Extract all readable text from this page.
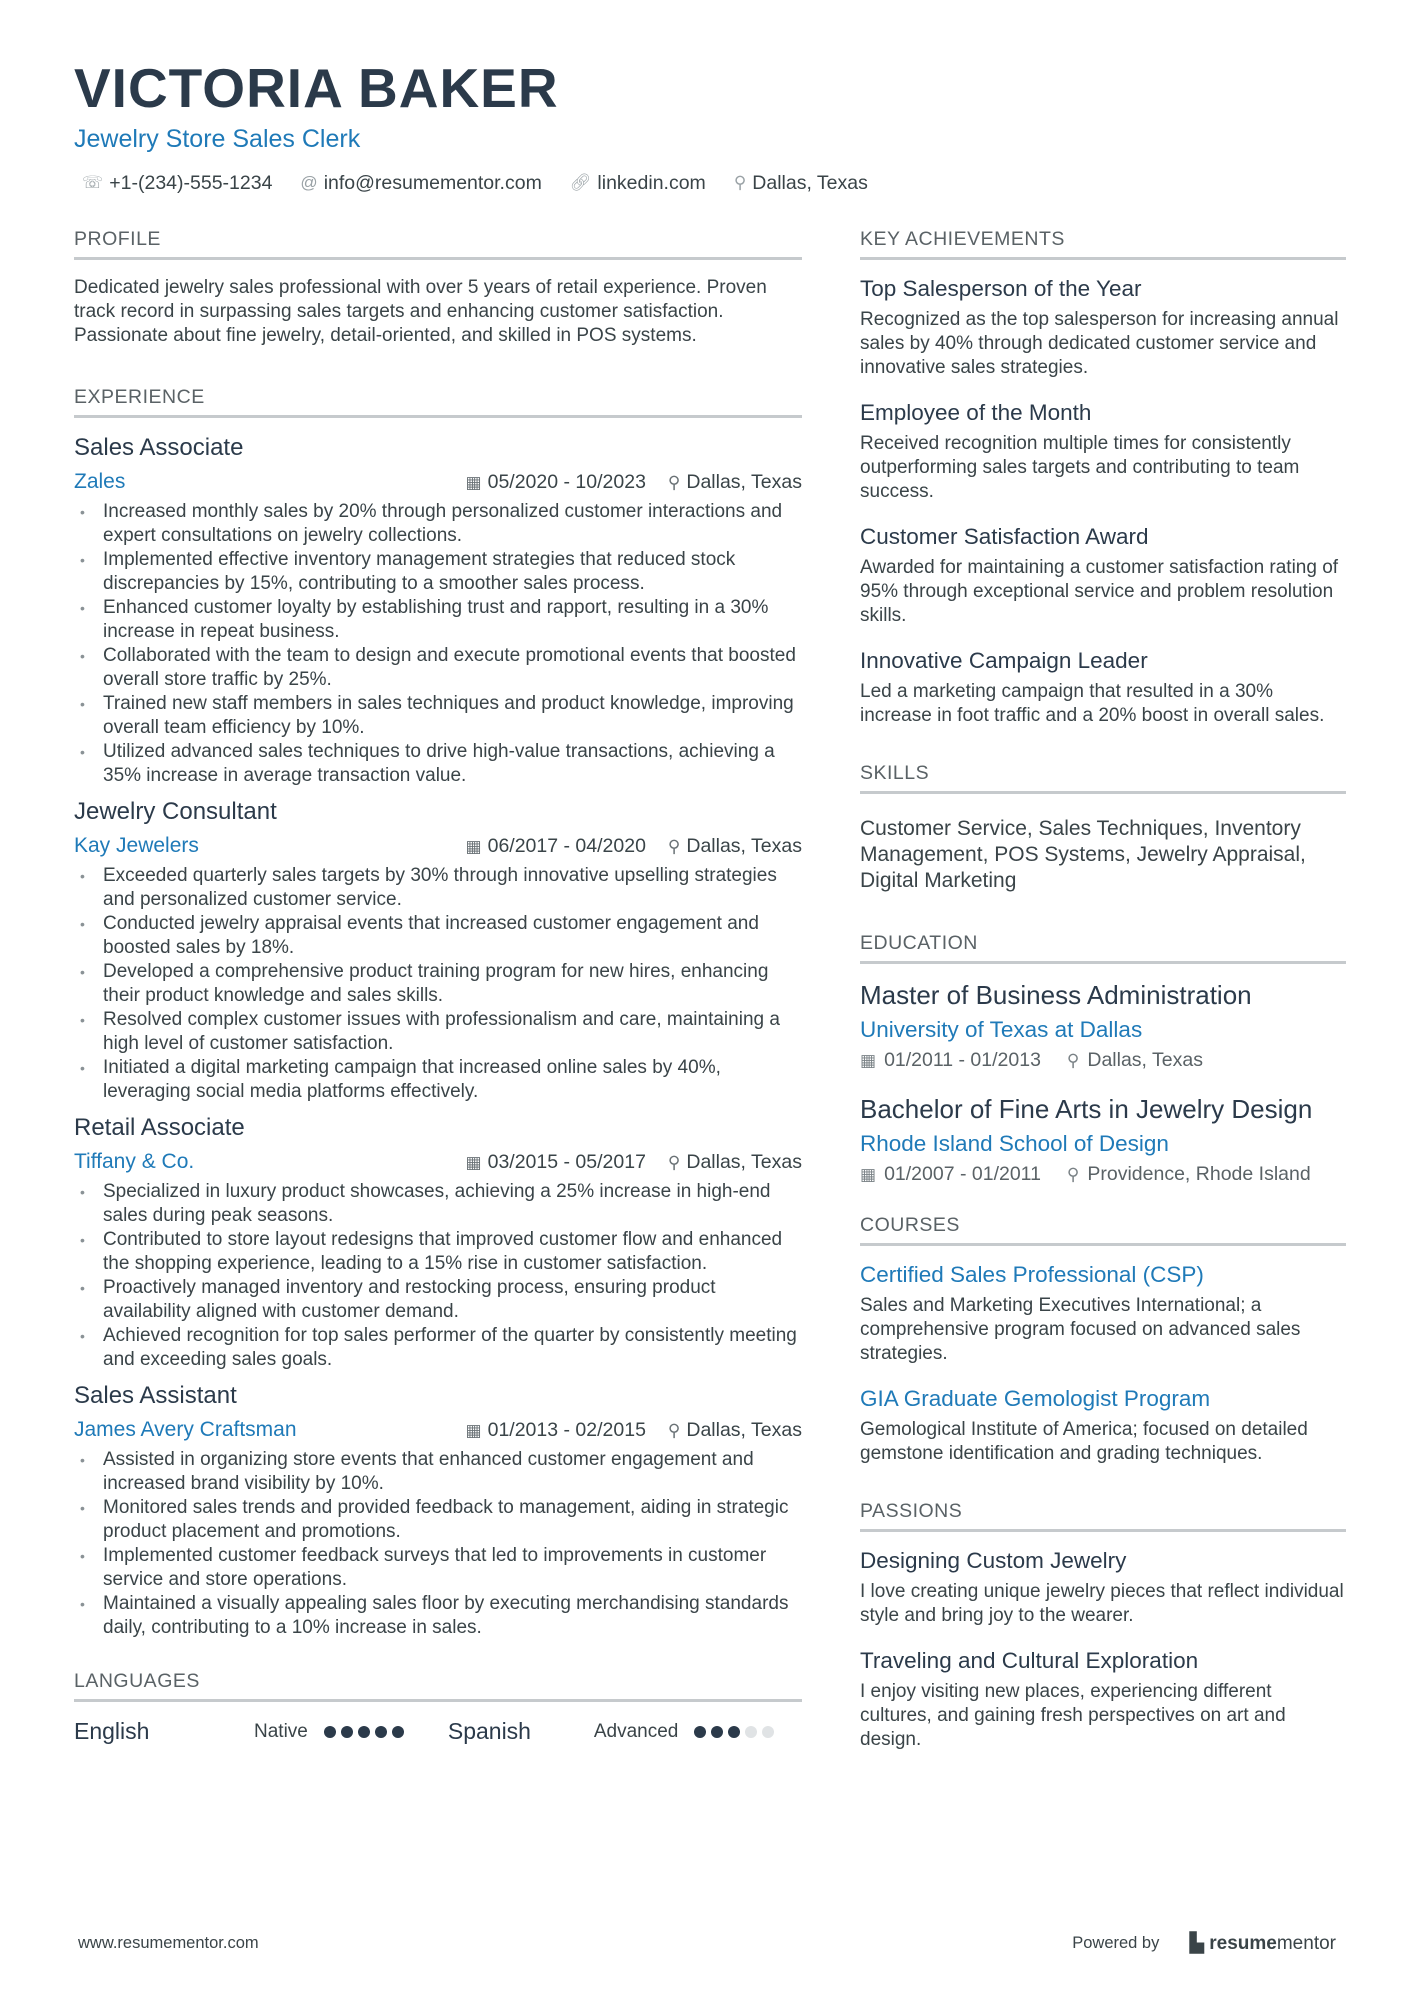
VICTORIA BAKER
Jewelry Store Sales Clerk
☏ +1-(234)-555-1234 @ info@resumementor.com 🔗︎ linkedin.com ⚲ Dallas, Texas
PROFILE
Dedicated jewelry sales professional with over 5 years of retail experience. Proven track record in surpassing sales targets and enhancing customer satisfaction. Passionate about fine jewelry, detail-oriented, and skilled in POS systems.
EXPERIENCE
Sales Associate
Zales	▦ 05/2020 - 10/2023 ⚲ Dallas, Texas
• Increased monthly sales by 20% through personalized customer interactions and expert consultations on jewelry collections.
• Implemented effective inventory management strategies that reduced stock discrepancies by 15%, contributing to a smoother sales process.
• Enhanced customer loyalty by establishing trust and rapport, resulting in a 30% increase in repeat business.
• Collaborated with the team to design and execute promotional events that boosted overall store traffic by 25%.
• Trained new staff members in sales techniques and product knowledge, improving overall team efficiency by 10%.
• Utilized advanced sales techniques to drive high-value transactions, achieving a 35% increase in average transaction value.
Jewelry Consultant
Kay Jewelers	▦ 06/2017 - 04/2020 ⚲ Dallas, Texas
• Exceeded quarterly sales targets by 30% through innovative upselling strategies and personalized customer service.
• Conducted jewelry appraisal events that increased customer engagement and boosted sales by 18%.
• Developed a comprehensive product training program for new hires, enhancing their product knowledge and sales skills.
• Resolved complex customer issues with professionalism and care, maintaining a high level of customer satisfaction.
• Initiated a digital marketing campaign that increased online sales by 40%, leveraging social media platforms effectively.
Retail Associate
Tiffany & Co.	▦ 03/2015 - 05/2017 ⚲ Dallas, Texas
• Specialized in luxury product showcases, achieving a 25% increase in high-end sales during peak seasons.
• Contributed to store layout redesigns that improved customer flow and enhanced the shopping experience, leading to a 15% rise in customer satisfaction.
• Proactively managed inventory and restocking process, ensuring product availability aligned with customer demand.
• Achieved recognition for top sales performer of the quarter by consistently meeting and exceeding sales goals.
Sales Assistant
James Avery Craftsman	▦ 01/2013 - 02/2015 ⚲ Dallas, Texas
• Assisted in organizing store events that enhanced customer engagement and increased brand visibility by 10%.
• Monitored sales trends and provided feedback to management, aiding in strategic product placement and promotions.
• Implemented customer feedback surveys that led to improvements in customer service and store operations.
• Maintained a visually appealing sales floor by executing merchandising standards daily, contributing to a 10% increase in sales.
LANGUAGES
English	Native	Spanish	Advanced
KEY ACHIEVEMENTS
Top Salesperson of the Year
Recognized as the top salesperson for increasing annual sales by 40% through dedicated customer service and innovative sales strategies.
Employee of the Month
Received recognition multiple times for consistently outperforming sales targets and contributing to team success.
Customer Satisfaction Award
Awarded for maintaining a customer satisfaction rating of 95% through exceptional service and problem resolution skills.
Innovative Campaign Leader
Led a marketing campaign that resulted in a 30% increase in foot traffic and a 20% boost in overall sales.
SKILLS
Customer Service, Sales Techniques, Inventory Management, POS Systems, Jewelry Appraisal, Digital Marketing
EDUCATION
Master of Business Administration
University of Texas at Dallas
▦ 01/2011 - 01/2013 ⚲ Dallas, Texas
Bachelor of Fine Arts in Jewelry Design
Rhode Island School of Design
▦ 01/2007 - 01/2011 ⚲ Providence, Rhode Island
COURSES
Certified Sales Professional (CSP)
Sales and Marketing Executives International; a comprehensive program focused on advanced sales strategies.
GIA Graduate Gemologist Program
Gemological Institute of America; focused on detailed gemstone identification and grading techniques.
PASSIONS
Designing Custom Jewelry
I love creating unique jewelry pieces that reflect individual style and bring joy to the wearer.
Traveling and Cultural Exploration
I enjoy visiting new places, experiencing different cultures, and gaining fresh perspectives on art and design.
www.resumementor.com	Powered by ▙ resumementor
